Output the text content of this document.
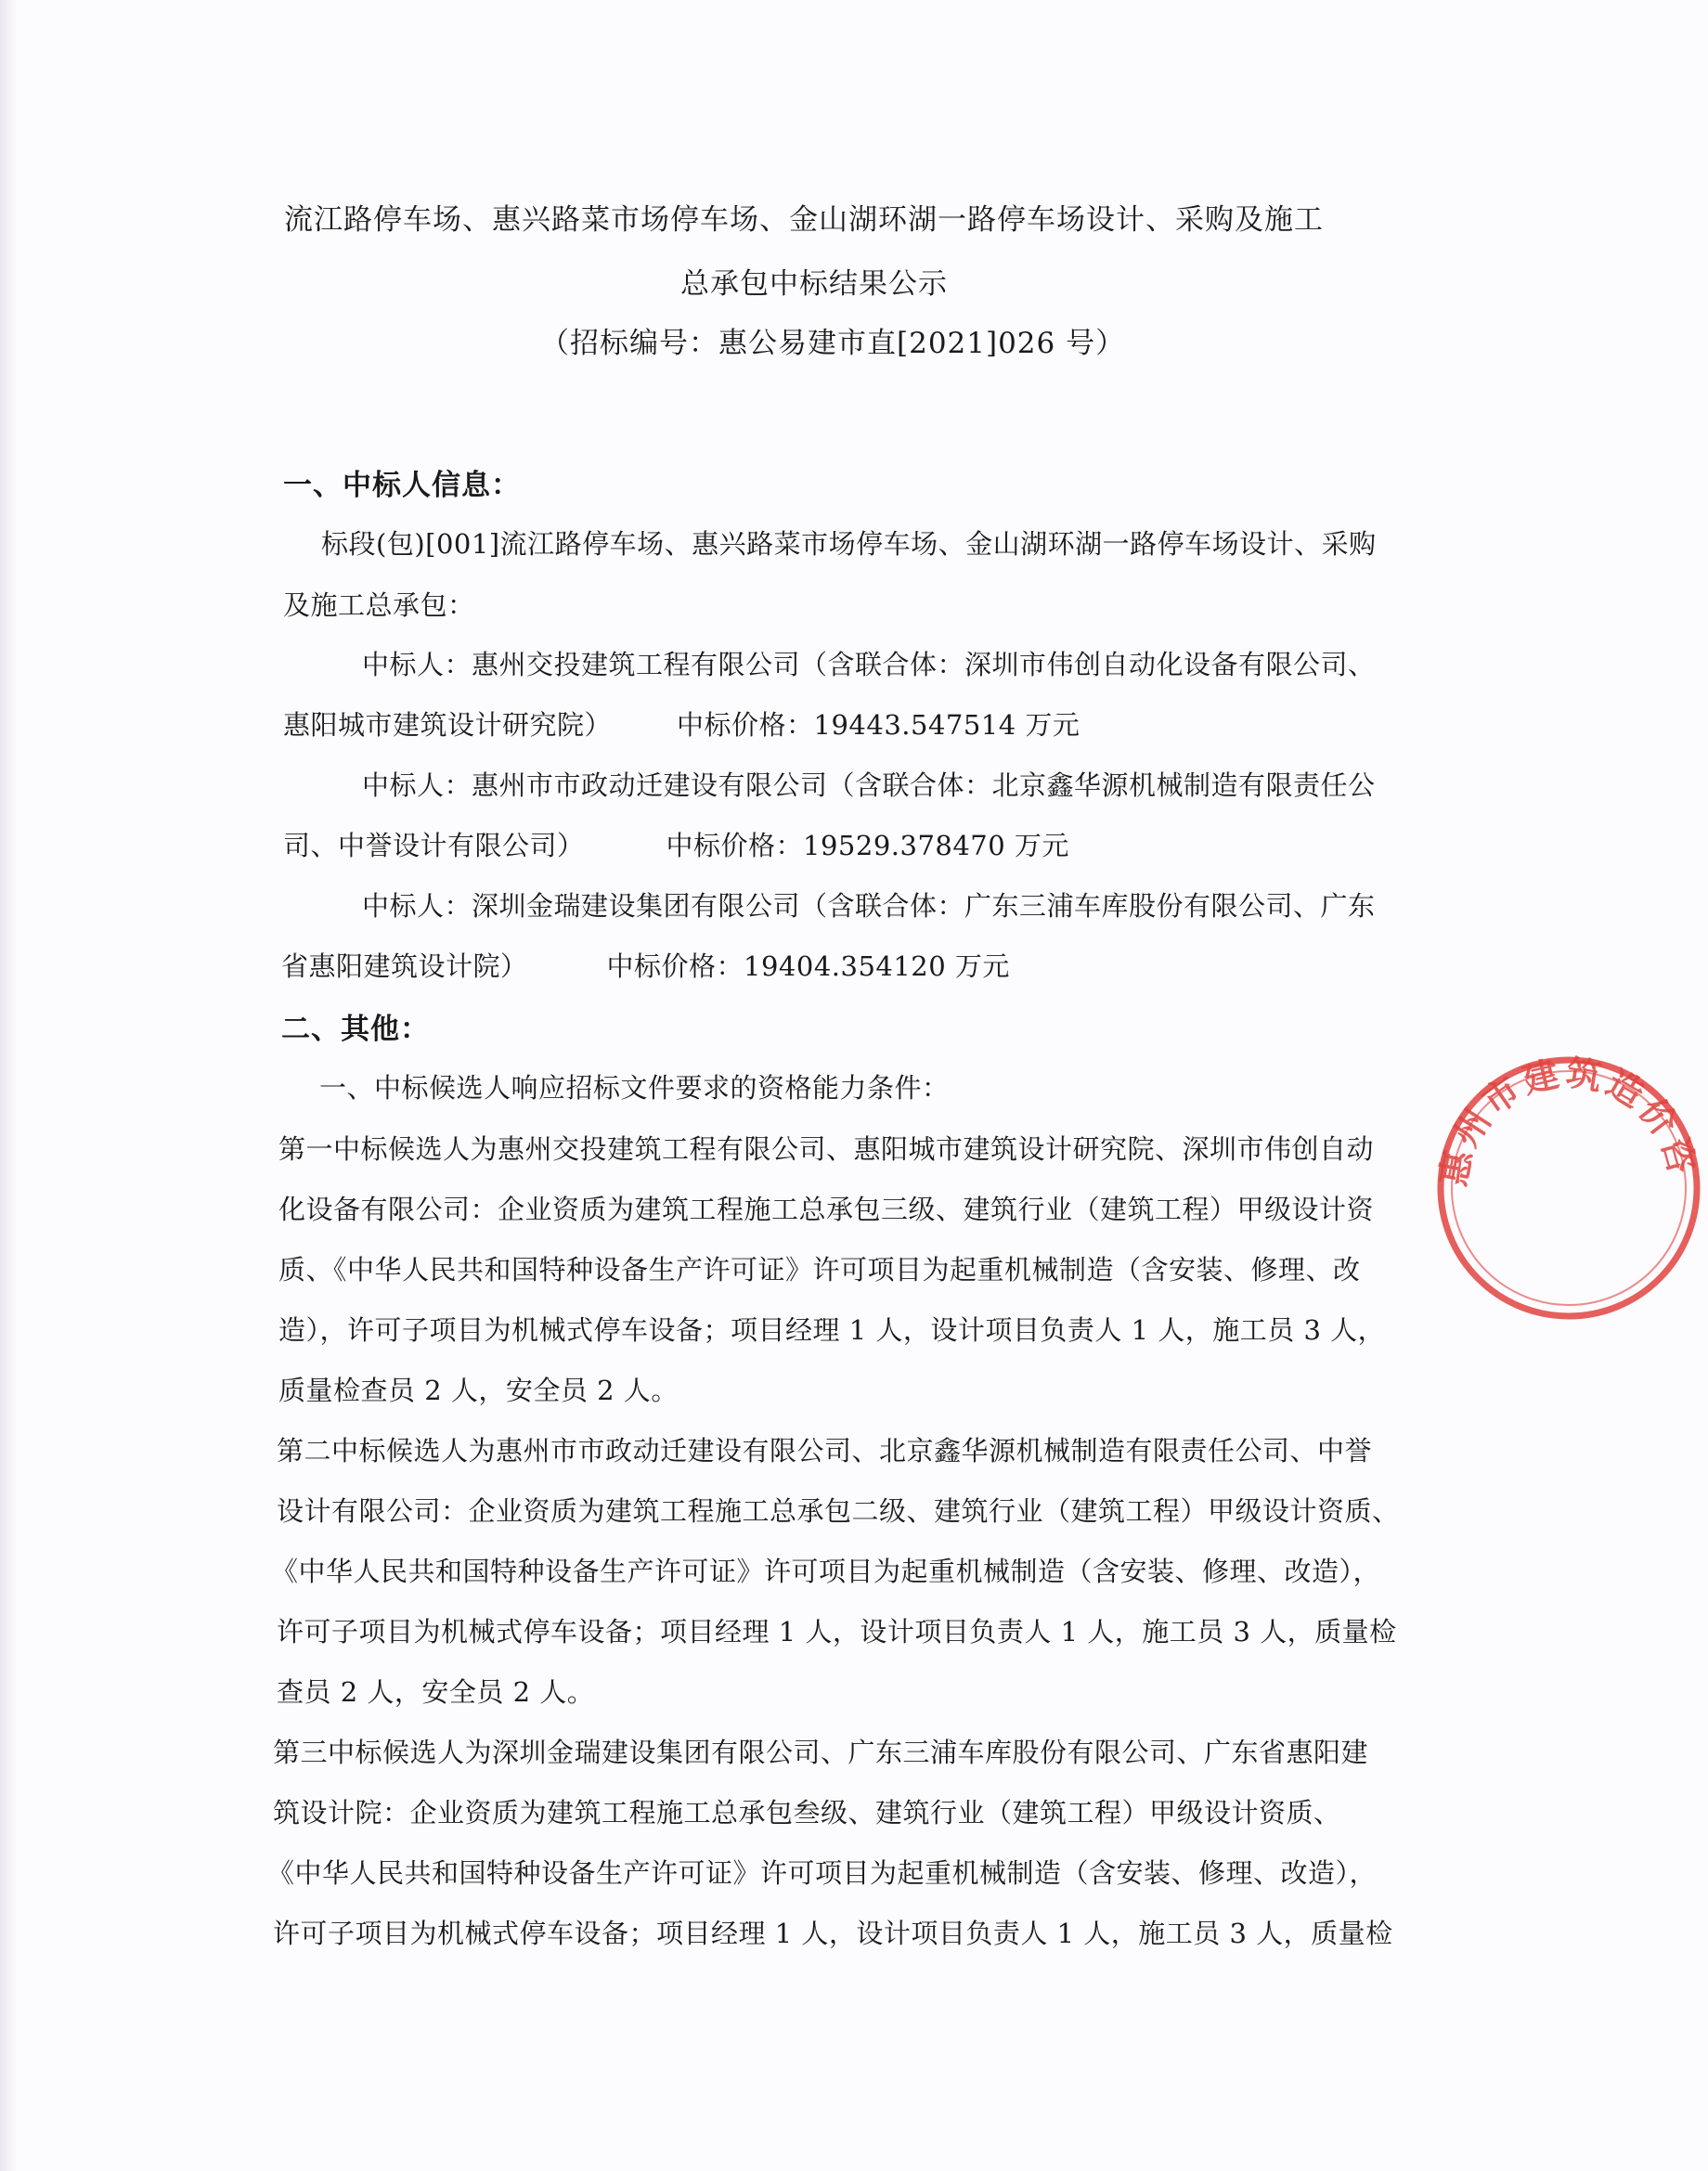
流江路停车场、惠兴路菜市场停车场、金山湖环湖一路停车场设计、采购及施工
总承包中标结果公示
（招标编号：惠公易建市直[2021]026 号）
一、中标人信息：
标段(包)[001]流江路停车场、惠兴路菜市场停车场、金山湖环湖一路停车场设计、采购
及施工总承包：
中标人：惠州交投建筑工程有限公司（含联合体：深圳市伟创自动化设备有限公司、
惠阳城市建筑设计研究院） 中标价格：19443.547514 万元
中标人：惠州市市政动迁建设有限公司（含联合体：北京鑫华源机械制造有限责任公
司、中誉设计有限公司）	中标价格：19529.378470 万元
中标人：深圳金瑞建设集团有限公司（含联合体：广东三浦车库股份有限公司、广东
省惠阳建筑设计院）	中标价格：19404.354120 万元
二、其他：
一、中标候选人响应招标文件要求的资格能力条件：
第一中标候选人为惠州交投建筑工程有限公司、惠阳城市建筑设计研究院、深圳市伟创自动
化设备有限公司：企业资质为建筑工程施工总承包三级、建筑行业（建筑工程）甲级设计资
质、《中华人民共和国特种设备生产许可证》许可项目为起重机械制造（含安装、修理、改
造），许可子项目为机械式停车设备；项目经理 1 人，设计项目负责人 1 人，施工员 3 人，
质量检查员 2 人，安全员 2 人。
第二中标候选人为惠州市市政动迁建设有限公司、北京鑫华源机械制造有限责任公司、中誉
设计有限公司：企业资质为建筑工程施工总承包二级、建筑行业（建筑工程）甲级设计资质、
《中华人民共和国特种设备生产许可证》许可项目为起重机械制造（含安装、修理、改造），
许可子项目为机械式停车设备；项目经理 1 人，设计项目负责人 1 人，施工员 3 人，质量检
查员 2 人，安全员 2 人。
第三中标候选人为深圳金瑞建设集团有限公司、广东三浦车库股份有限公司、广东省惠阳建
筑设计院：企业资质为建筑工程施工总承包叁级、建筑行业（建筑工程）甲级设计资质、
《中华人民共和国特种设备生产许可证》许可项目为起重机械制造（含安装、修理、改造），
许可子项目为机械式停车设备；项目经理 1 人，设计项目负责人 1 人，施工员 3 人，质量检
惠州市建筑造价咨
